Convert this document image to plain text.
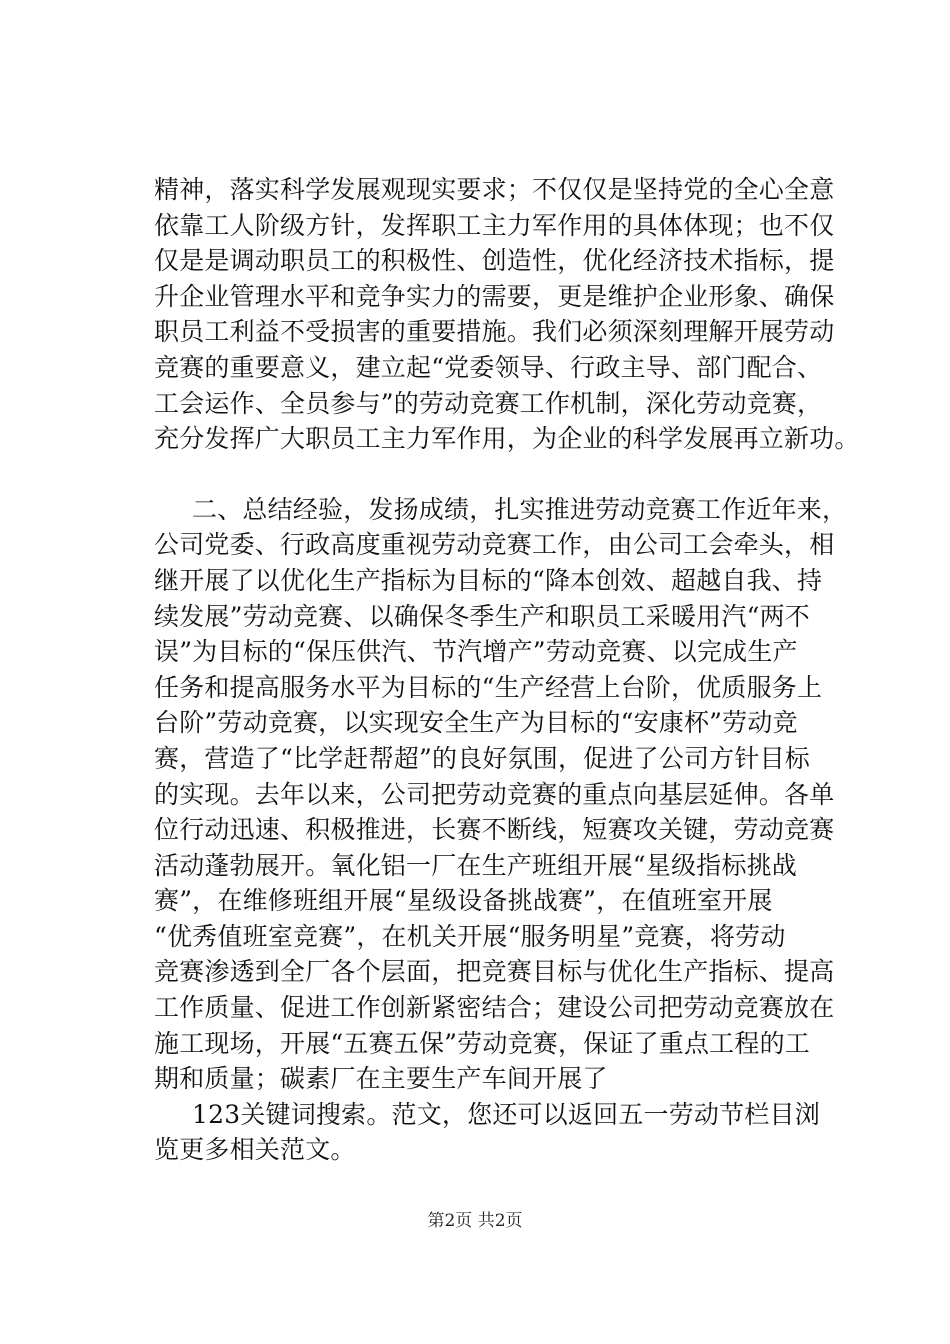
精神，落实科学发展观现实要求；不仅仅是坚持党的全心全意
依靠工人阶级方针，发挥职工主力军作用的具体体现；也不仅
仅是是调动职员工的积极性、创造性，优化经济技术指标，提
升企业管理水平和竞争实力的需要，更是维护企业形象、确保
职员工利益不受损害的重要措施。我们必须深刻理解开展劳动
竞赛的重要意义，建立起“党委领导、行政主导、部门配合、
工会运作、全员参与”的劳动竞赛工作机制，深化劳动竞赛，
充分发挥广大职员工主力军作用，为企业的科学发展再立新功。
二、总结经验，发扬成绩，扎实推进劳动竞赛工作近年来，
公司党委、行政高度重视劳动竞赛工作，由公司工会牵头，相
继开展了以优化生产指标为目标的“降本创效、超越自我、持
续发展”劳动竞赛、以确保冬季生产和职员工采暖用汽“两不
误”为目标的“保压供汽、节汽增产”劳动竞赛、以完成生产
任务和提高服务水平为目标的“生产经营上台阶，优质服务上
台阶”劳动竞赛，以实现安全生产为目标的“安康杯”劳动竞
赛，营造了“比学赶帮超”的良好氛围，促进了公司方针目标
的实现。去年以来，公司把劳动竞赛的重点向基层延伸。各单
位行动迅速、积极推进，长赛不断线，短赛攻关键，劳动竞赛
活动蓬勃展开。氧化铝一厂在生产班组开展“星级指标挑战
赛”，在维修班组开展“星级设备挑战赛”，在值班室开展
“优秀值班室竞赛”，在机关开展“服务明星”竞赛，将劳动
竞赛渗透到全厂各个层面，把竞赛目标与优化生产指标、提高
工作质量、促进工作创新紧密结合；建设公司把劳动竞赛放在
施工现场，开展“五赛五保”劳动竞赛，保证了重点工程的工
期和质量；碳素厂在主要生产车间开展了
123关键词搜索。范文，您还可以返回五一劳动节栏目浏
览更多相关范文。
第2页 共2页
